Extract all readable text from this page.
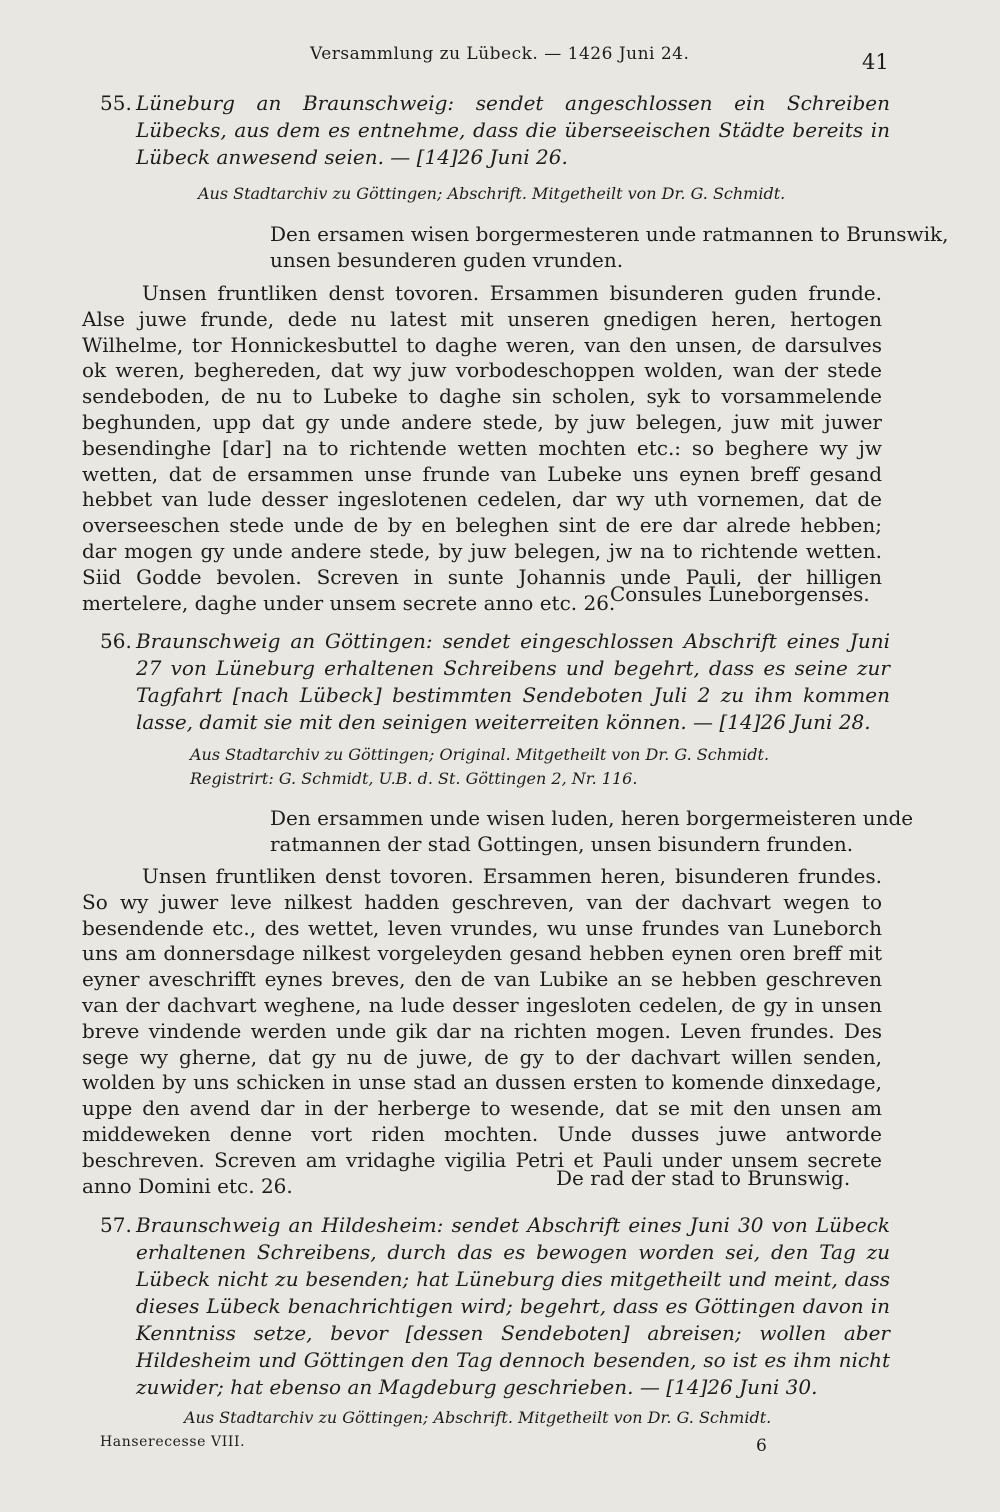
Versammlung zu Lübeck. — 1426 Juni 24.	41
55. Lüneburg an Braunschweig: sendet angeschlossen ein Schreiben Lübecks, aus dem es entnehme, dass die überseeischen Städte bereits in Lübeck anwesend seien. — [14]26 Juni 26.
Aus Stadtarchiv zu Göttingen; Abschrift. Mitgetheilt von Dr. G. Schmidt.
Den ersamen wisen borgermesteren unde ratmannen to Brunswik,
unsen besunderen guden vrunden.

Unsen fruntliken denst tovoren. Ersammen bisunderen guden frunde. Alse juwe frunde, dede nu latest mit unseren gnedigen heren, hertogen Wilhelme, tor Honnickesbuttel to daghe weren, van den unsen, de darsulves ok weren, beghereden, dat wy juw vorbodeschoppen wolden, wan der stede sendeboden, de nu to Lubeke to daghe sin scholen, syk to vorsammelende beghunden, upp dat gy unde andere stede, by juw belegen, juw mit juwer besendinghe [dar] na to richtende wetten mochten etc.: so beghere wy jw wetten, dat de ersammen unse frunde van Lubeke uns eynen breff gesand hebbet van lude desser ingeslotenen cedelen, dar wy uth vornemen, dat de overseeschen stede unde de by en beleghen sint de ere dar alrede hebben; dar mogen gy unde andere stede, by juw belegen, jw na to richtende wetten. Siid Godde bevolen. Screven in sunte Johannis unde Pauli, der hilligen mertelere, daghe under unsem secrete anno etc. 26.

Consules Luneborgenses.
56. Braunschweig an Göttingen: sendet eingeschlossen Abschrift eines Juni 27 von Lüneburg erhaltenen Schreibens und begehrt, dass es seine zur Tagfahrt [nach Lübeck] bestimmten Sendeboten Juli 2 zu ihm kommen lasse, damit sie mit den seinigen weiterreiten können. — [14]26 Juni 28.
Aus Stadtarchiv zu Göttingen; Original. Mitgetheilt von Dr. G. Schmidt.
Registrirt: G. Schmidt, U.B. d. St. Göttingen 2, Nr. 116.
Den ersammen unde wisen luden, heren borgermeisteren unde
ratmannen der stad Gottingen, unsen bisundern frunden.

Unsen fruntliken denst tovoren. Ersammen heren, bisunderen frundes. So wy juwer leve nilkest hadden geschreven, van der dachvart wegen to besendende etc., des wettet, leven vrundes, wu unse frundes van Luneborch uns am donnersdage nilkest vorgeleyden gesand hebben eynen oren breff mit eyner aveschrifft eynes breves, den de van Lubike an se hebben geschreven van der dachvart weghene, na lude desser ingesloten cedelen, de gy in unsen breve vindende werden unde gik dar na richten mogen. Leven frundes. Des sege wy gherne, dat gy nu de juwe, de gy to der dachvart willen senden, wolden by uns schicken in unse stad an dussen ersten to komende dinxedage, uppe den avend dar in der herberge to wesende, dat se mit den unsen am middeweken denne vort riden mochten. Unde dusses juwe antworde beschreven. Screven am vridaghe vigilia Petri et Pauli under unsem secrete anno Domini etc. 26.	De rad der stad to Brunswig.
57. Braunschweig an Hildesheim: sendet Abschrift eines Juni 30 von Lübeck erhaltenen Schreibens, durch das es bewogen worden sei, den Tag zu Lübeck nicht zu besenden; hat Lüneburg dies mitgetheilt und meint, dass dieses Lübeck benachrichtigen wird; begehrt, dass es Göttingen davon in Kenntniss setze, bevor [dessen Sendeboten] abreisen; wollen aber Hildesheim und Göttingen den Tag dennoch besenden, so ist es ihm nicht zuwider; hat ebenso an Magdeburg geschrieben. — [14]26 Juni 30.
Aus Stadtarchiv zu Göttingen; Abschrift. Mitgetheilt von Dr. G. Schmidt.
Hanserecesse VIII.	6
